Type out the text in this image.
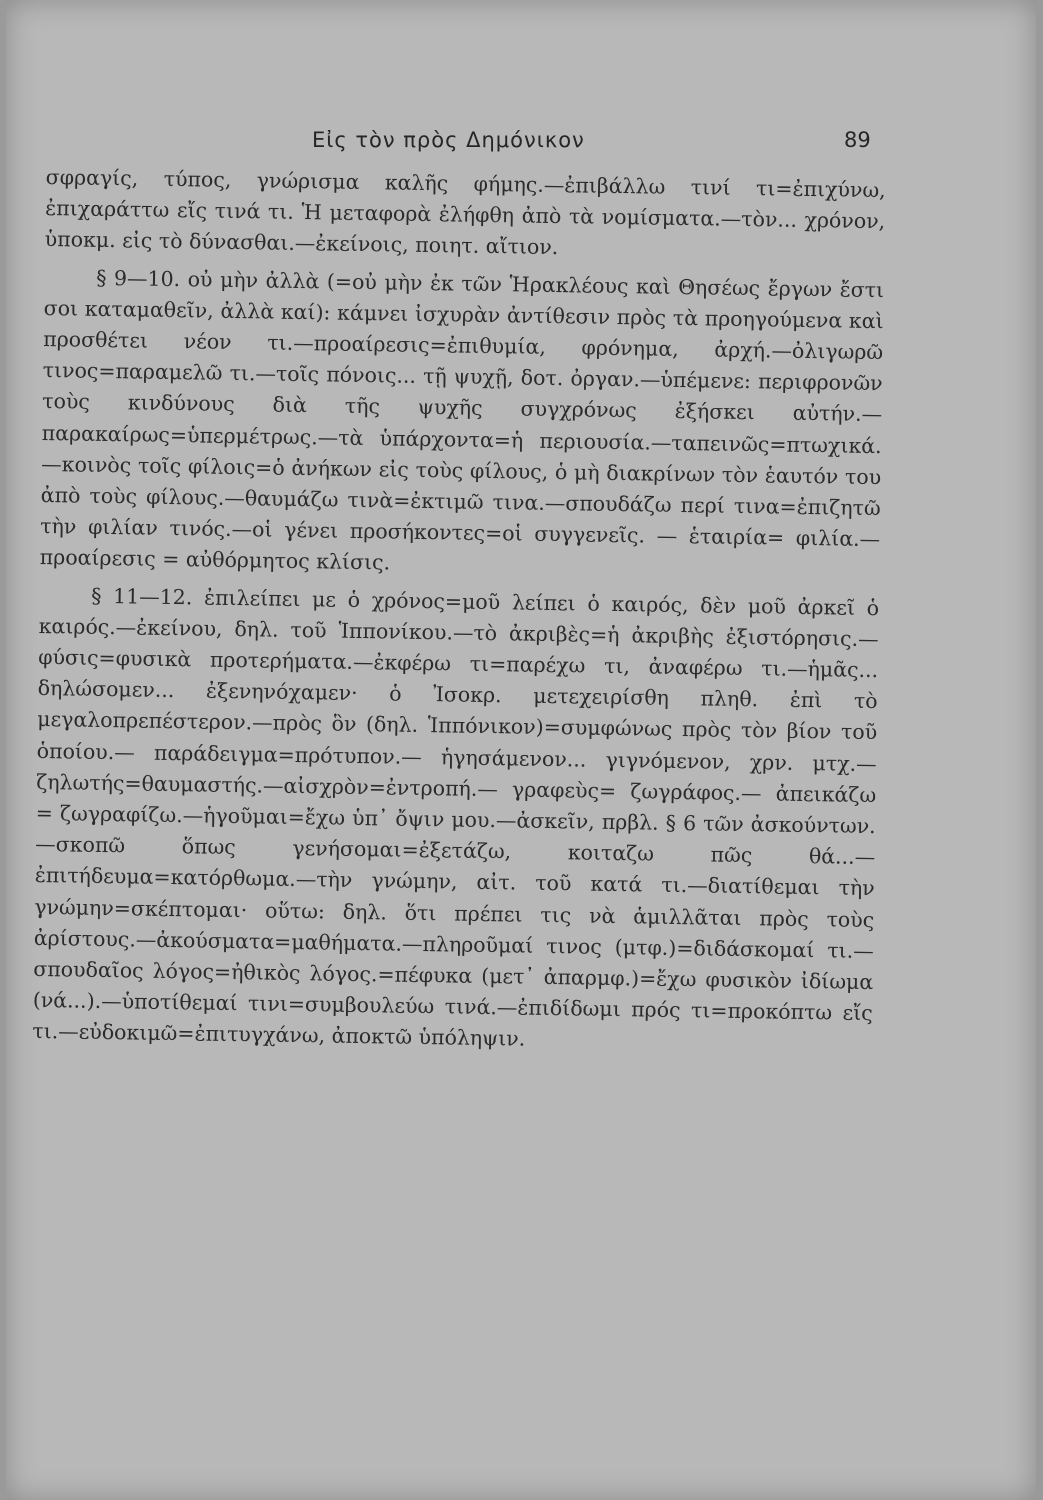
Εἰς τὸν πρὸς Δημόνικον	89

σφραγίς, τύπος, γνώρισμα καλῆς φήμης.—ἐπιβάλλω τινί τι=ἐπιχύνω, ἐπιχαράττω εἴς τινά τι. Ἡ μεταφορὰ ἐλήφθη ἀπὸ τὰ νομίσματα.—τὸν... χρόνον, ὑποκμ. εἰς τὸ δύνασθαι.—ἐκείνοις, ποιητ. αἴτιον.

§ 9—10. οὐ μὴν ἀλλὰ (=οὐ μὴν ἐκ τῶν Ἡρακλέους καὶ Θησέως ἔργων ἔστι σοι καταμαθεῖν, ἀλλὰ καί): κάμνει ἰσχυρὰν ἀντίθεσιν πρὸς τὰ προηγούμενα καὶ προσθέτει νέον τι.—προαίρεσις=ἐπιθυμία, φρόνημα, ἀρχή.—ὀλιγωρῶ τινος=παραμελῶ τι.—τοῖς πόνοις... τῇ ψυχῇ, δοτ. ὀργαν.—ὑπέμενε: περιφρονῶν τοὺς κινδύνους διὰ τῆς ψυχῆς συγχρόνως ἐξήσκει αὐτήν.—παρακαίρως=ὑπερμέτρως.—τὰ ὑπάρχοντα=ἡ περιουσία.—ταπεινῶς=πτωχικά.—κοινὸς τοῖς φίλοις=ὁ ἀνήκων εἰς τοὺς φίλους, ὁ μὴ διακρίνων τὸν ἑαυτόν του ἀπὸ τοὺς φίλους.—θαυμάζω τινὰ=ἐκτιμῶ τινα.—σπουδάζω περί τινα=ἐπιζητῶ τὴν φιλίαν τινός.—οἱ γένει προσήκοντες=οἱ συγγενεῖς. — ἑταιρία= φιλία.— προαίρεσις = αὐθόρμητος κλίσις.

§ 11—12. ἐπιλείπει με ὁ χρόνος=μοῦ λείπει ὁ καιρός, δὲν μοῦ ἀρκεῖ ὁ καιρός.—ἐκείνου, δηλ. τοῦ Ἱππονίκου.—τὸ ἀκριβὲς=ἡ ἀκριβὴς ἐξιστόρησις.—φύσις=φυσικὰ προτερήματα.—ἐκφέρω τι=παρέχω τι, ἀναφέρω τι.—ἡμᾶς... δηλώσομεν... ἐξενηνόχαμεν· ὁ Ἰσοκρ. μετεχειρίσθη πληθ. ἐπὶ τὸ μεγαλοπρεπέστερον.—πρὸς ὃν (δηλ. Ἱππόνικον)=συμφώνως πρὸς τὸν βίον τοῦ ὁποίου.— παράδειγμα=πρότυπον.— ἡγησάμενον... γιγνόμενον, χρν. μτχ.—ζηλωτής=θαυμαστής.—αἰσχρὸν=ἐντροπή.— γραφεὺς= ζωγράφος.— ἀπεικάζω = ζωγραφίζω.—ἡγοῦμαι=ἔχω ὑπ᾿ ὄψιν μου.—ἀσκεῖν, πρβλ. § 6 τῶν ἀσκούντων.—σκοπῶ ὅπως γενήσομαι=ἐξετάζω, κοιταζω πῶς θά...—ἐπιτήδευμα=κατόρθωμα.—τὴν γνώμην, αἰτ. τοῦ κατά τι.—διατίθεμαι τὴν γνώμην=σκέπτομαι· οὕτω: δηλ. ὅτι πρέπει τις νὰ ἁμιλλᾶται πρὸς τοὺς ἀρίστους.—ἀκούσματα=μαθήματα.—πληροῦμαί τινος (μτφ.)=διδάσκομαί τι.—σπουδαῖος λόγος=ἠθικὸς λόγος.=πέφυκα (μετ᾿ ἀπαρμφ.)=ἔχω φυσικὸν ἰδίωμα (νά...).—ὑποτίθεμαί τινι=συμβουλεύω τινά.—ἐπιδίδωμι πρός τι=προκόπτω εἴς τι.—εὐδοκιμῶ=ἐπιτυγχάνω, ἀποκτῶ ὑπόληψιν.
